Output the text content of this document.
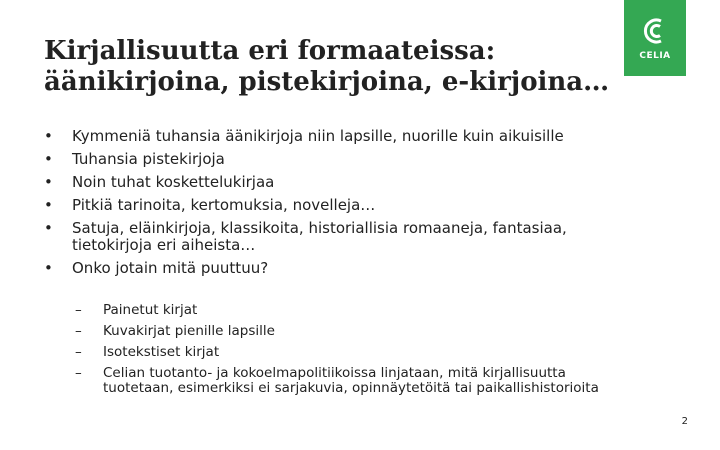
Kirjallisuutta eri formaateissa:
äänikirjoina, pistekirjoina, e-kirjoina…
CELIA
• Kymmeniä tuhansia äänikirjoja niin lapsille, nuorille kuin aikuisille
• Tuhansia pistekirjoja
• Noin tuhat koskettelukirjaa
• Pitkiä tarinoita, kertomuksia, novelleja…
• Satuja, eläinkirjoja, klassikoita, historiallisia romaaneja, fantasiaa, tietokirjoja eri aiheista…
• Onko jotain mitä puuttuu?
– Painetut kirjat
– Kuvakirjat pienille lapsille
– Isotekstiset kirjat
– Celian tuotanto- ja kokoelmapolitiikoissa linjataan, mitä kirjallisuutta tuotetaan, esimerkiksi ei sarjakuvia, opinnäytetöitä tai paikallishistorioita
2
